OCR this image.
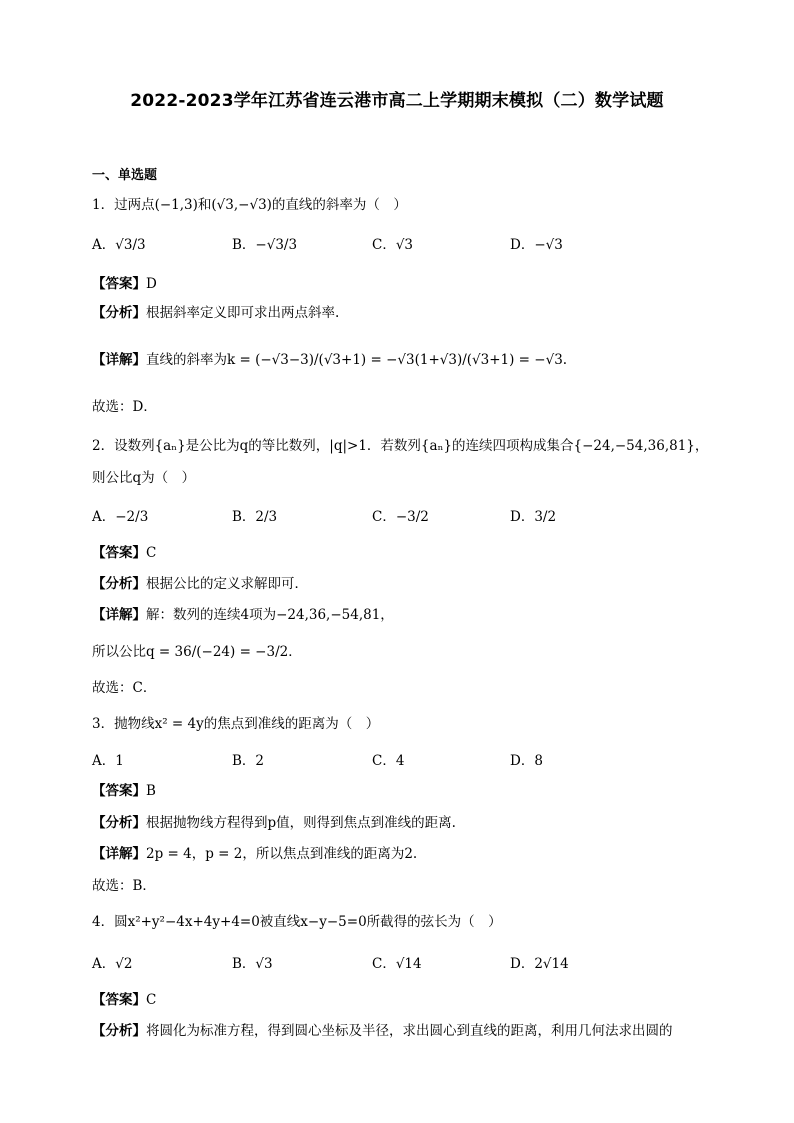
2022-2023学年江苏省连云港市高二上学期期末模拟（二）数学试题
一、单选题
1．过两点(−1,3)和(√3,−√3)的直线的斜率为（　）
A．√3/3	B．−√3/3	C．√3	D．−√3
【答案】D
【分析】根据斜率定义即可求出两点斜率.
【详解】直线的斜率为k = (−√3−3)/(√3+1) = −√3(1+√3)/(√3+1) = −√3.
故选：D．
2．设数列{aₙ}是公比为q的等比数列，|q|>1．若数列{aₙ}的连续四项构成集合{−24,−54,36,81}，
则公比q为（　）
A．−2/3	B．2/3	C．−3/2	D．3/2
【答案】C
【分析】根据公比的定义求解即可．
【详解】解：数列的连续4项为−24,36,−54,81，
所以公比q = 36/(−24) = −3/2．
故选：C．
3．抛物线x² = 4y的焦点到准线的距离为（　）
A．1	B．2	C．4	D．8
【答案】B
【分析】根据抛物线方程得到p值，则得到焦点到准线的距离.
【详解】2p = 4，p = 2，所以焦点到准线的距离为2.
故选：B．
4．圆x²+y²−4x+4y+4=0被直线x−y−5=0所截得的弦长为（　）
A．√2	B．√3	C．√14	D．2√14
【答案】C
【分析】将圆化为标准方程，得到圆心坐标及半径，求出圆心到直线的距离，利用几何法求出圆的
